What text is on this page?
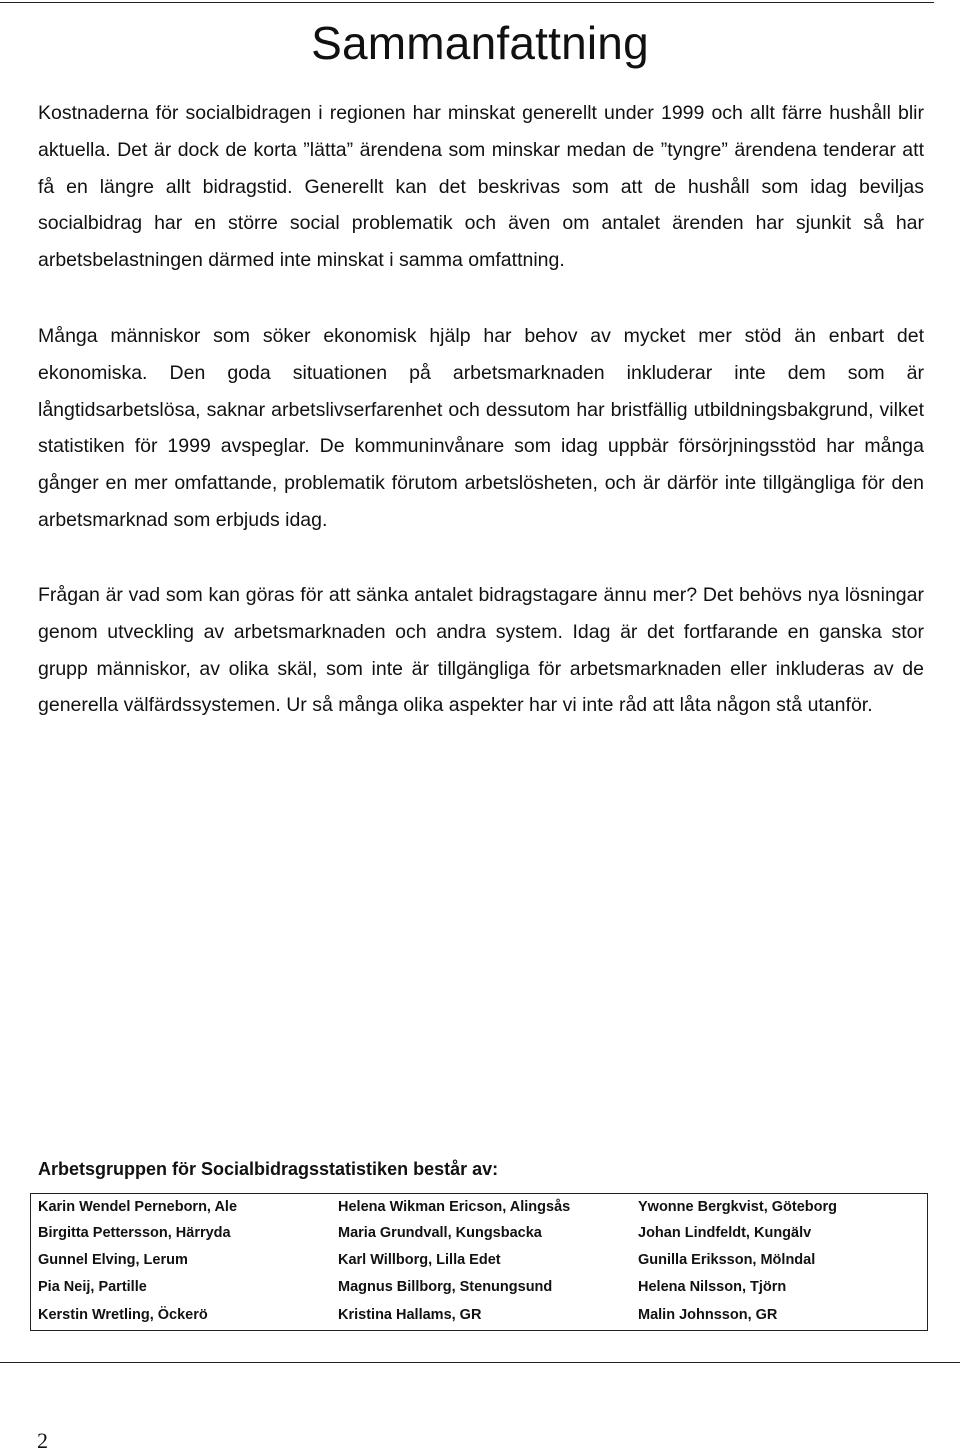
Sammanfattning

Kostnaderna för socialbidragen i regionen har minskat generellt under 1999 och allt färre hushåll blir aktuella. Det är dock de korta ”lätta” ärendena som minskar medan de ”tyngre” ärendena tenderar att få en längre allt bidragstid. Generellt kan det beskrivas som att de hushåll som idag beviljas socialbidrag har en större social problematik och även om antalet ärenden har sjunkit så har arbetsbelastningen därmed inte minskat i samma omfattning.

Många människor som söker ekonomisk hjälp har behov av mycket mer stöd än enbart det ekonomiska. Den goda situationen på arbetsmarknaden inkluderar inte dem som är långtidsarbetslösa, saknar arbetslivserfarenhet och dessutom har bristfällig utbildningsbakgrund, vilket statistiken för 1999 avspeglar. De kommuninvånare som idag uppbär försörjningsstöd har många gånger en mer omfattande, problematik förutom arbetslösheten, och är därför inte tillgängliga för den arbetsmarknad som erbjuds idag.

Frågan är vad som kan göras för att sänka antalet bidragstagare ännu mer? Det behövs nya lösningar genom utveckling av arbetsmarknaden och andra system. Idag är det fortfarande en ganska stor grupp människor, av olika skäl, som inte är tillgängliga för arbetsmarknaden eller inkluderas av de generella välfärdssystemen. Ur så många olika aspekter har vi inte råd att låta någon stå utanför.

Arbetsgruppen för Socialbidragsstatistiken består av:

Karin Wendel Perneborn, Ale	Helena Wikman Ericson, Alingsås	Ywonne Bergkvist, Göteborg
Birgitta Pettersson, Härryda	Maria Grundvall, Kungsbacka	Johan Lindfeldt, Kungälv
Gunnel Elving, Lerum	Karl Willborg, Lilla Edet	Gunilla Eriksson, Mölndal
Pia Neij, Partille	Magnus Billborg, Stenungsund	Helena Nilsson, Tjörn
Kerstin Wretling, Öckerö	Kristina Hallams, GR	Malin Johnsson, GR

2
